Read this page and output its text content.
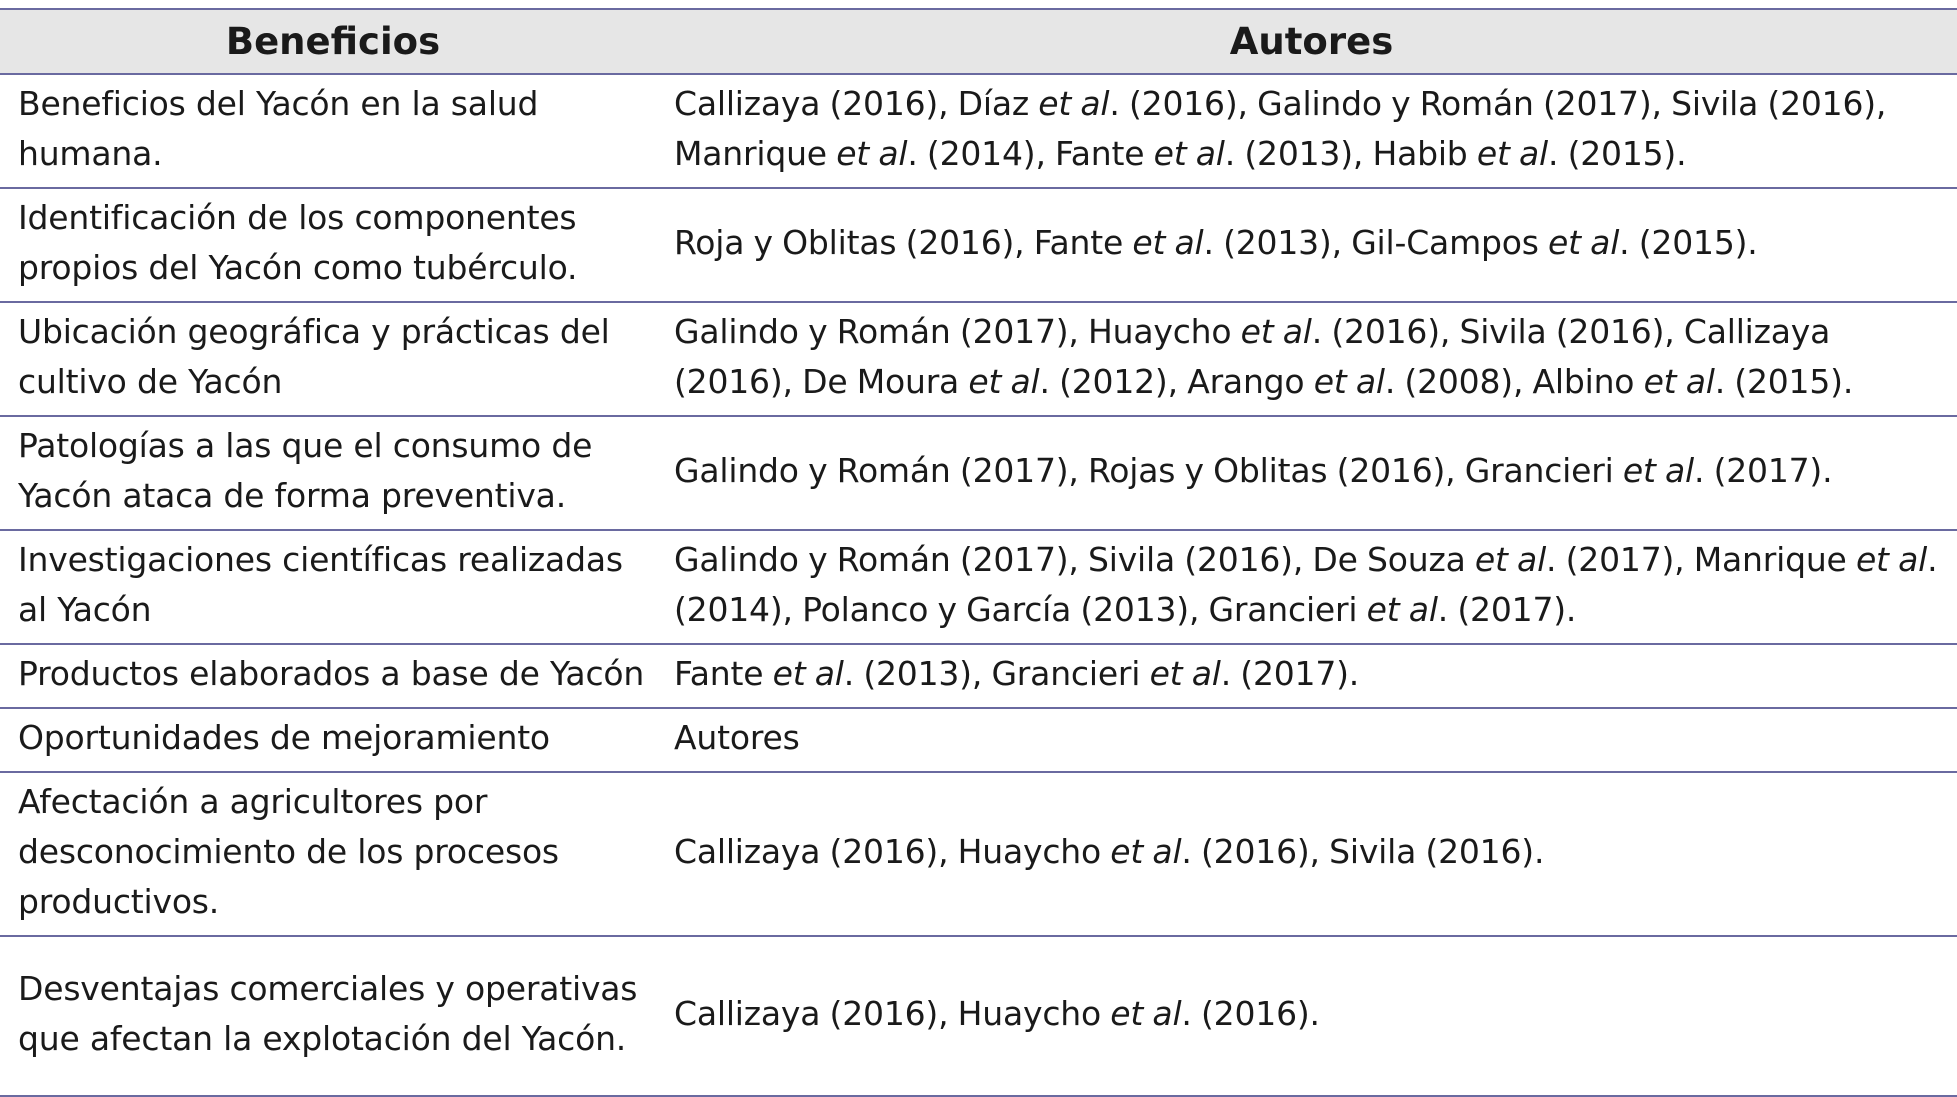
Beneficios	Autores
Beneficios del Yacón en la salud humana.	Callizaya (2016), Díaz et al. (2016), Galindo y Román (2017), Sivila (2016), Manrique et al. (2014), Fante et al. (2013), Habib et al. (2015).
Identificación de los componentes propios del Yacón como tubérculo.	Roja y Oblitas (2016), Fante et al. (2013), Gil-Campos et al. (2015).
Ubicación geográfica y prácticas del cultivo de Yacón	Galindo y Román (2017), Huaycho et al. (2016), Sivila (2016), Callizaya (2016), De Moura et al. (2012), Arango et al. (2008), Albino et al. (2015).
Patologías a las que el consumo de Yacón ataca de forma preventiva.	Galindo y Román (2017), Rojas y Oblitas (2016), Grancieri et al. (2017).
Investigaciones científicas realizadas al Yacón	Galindo y Román (2017), Sivila (2016), De Souza et al. (2017), Manrique et al. (2014), Polanco y García (2013), Grancieri et al. (2017).
Productos elaborados a base de Yacón	Fante et al. (2013), Grancieri et al. (2017).
Oportunidades de mejoramiento	Autores
Afectación a agricultores por desconocimiento de los procesos productivos.	Callizaya (2016), Huaycho et al. (2016), Sivila (2016).
Desventajas comerciales y operativas que afectan la explotación del Yacón.	Callizaya (2016), Huaycho et al. (2016).
